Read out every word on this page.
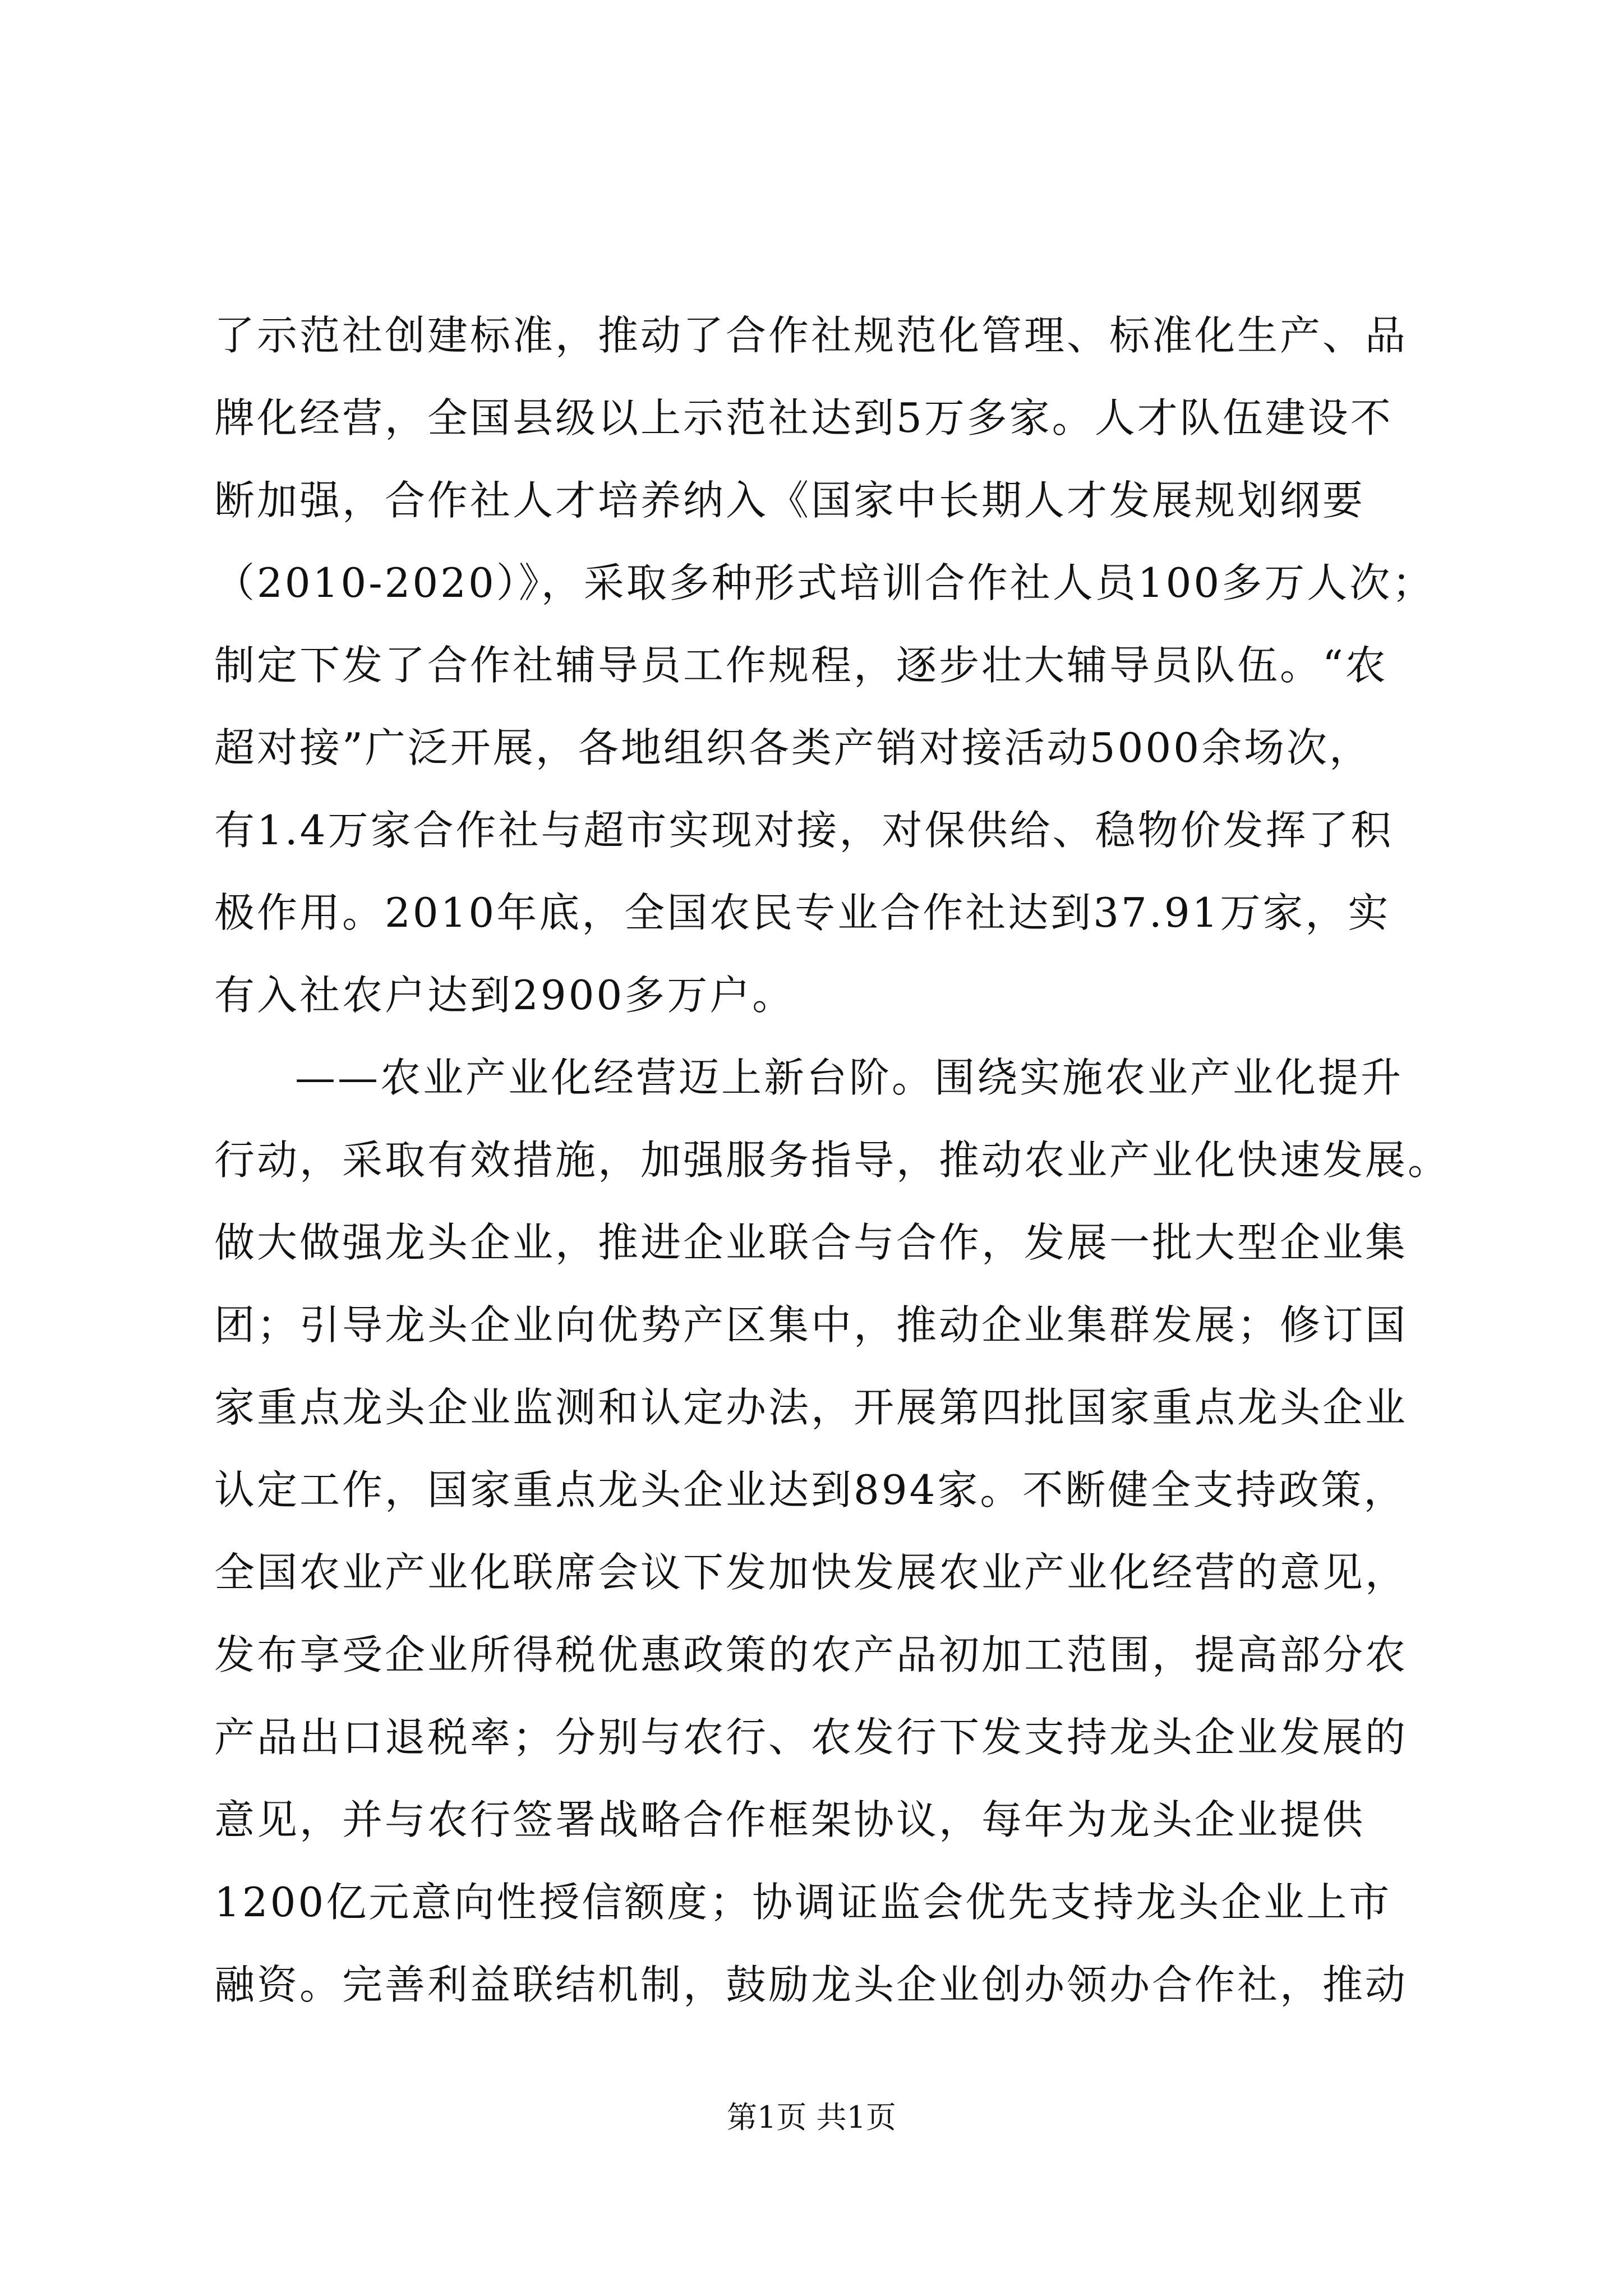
了示范社创建标准，推动了合作社规范化管理、标准化生产、品
牌化经营，全国县级以上示范社达到5万多家。人才队伍建设不
断加强，合作社人才培养纳入《国家中长期人才发展规划纲要
（2010-2020）》，采取多种形式培训合作社人员100多万人次；
制定下发了合作社辅导员工作规程，逐步壮大辅导员队伍。“农
超对接”广泛开展，各地组织各类产销对接活动5000余场次，
有1.4万家合作社与超市实现对接，对保供给、稳物价发挥了积
极作用。2010年底，全国农民专业合作社达到37.91万家，实
有入社农户达到2900多万户。
——农业产业化经营迈上新台阶。围绕实施农业产业化提升
行动，采取有效措施，加强服务指导，推动农业产业化快速发展。
做大做强龙头企业，推进企业联合与合作，发展一批大型企业集
团；引导龙头企业向优势产区集中，推动企业集群发展；修订国
家重点龙头企业监测和认定办法，开展第四批国家重点龙头企业
认定工作，国家重点龙头企业达到894家。不断健全支持政策，
全国农业产业化联席会议下发加快发展农业产业化经营的意见，
发布享受企业所得税优惠政策的农产品初加工范围，提高部分农
产品出口退税率；分别与农行、农发行下发支持龙头企业发展的
意见，并与农行签署战略合作框架协议，每年为龙头企业提供
1200亿元意向性授信额度；协调证监会优先支持龙头企业上市
融资。完善利益联结机制，鼓励龙头企业创办领办合作社，推动
第1页 共1页
